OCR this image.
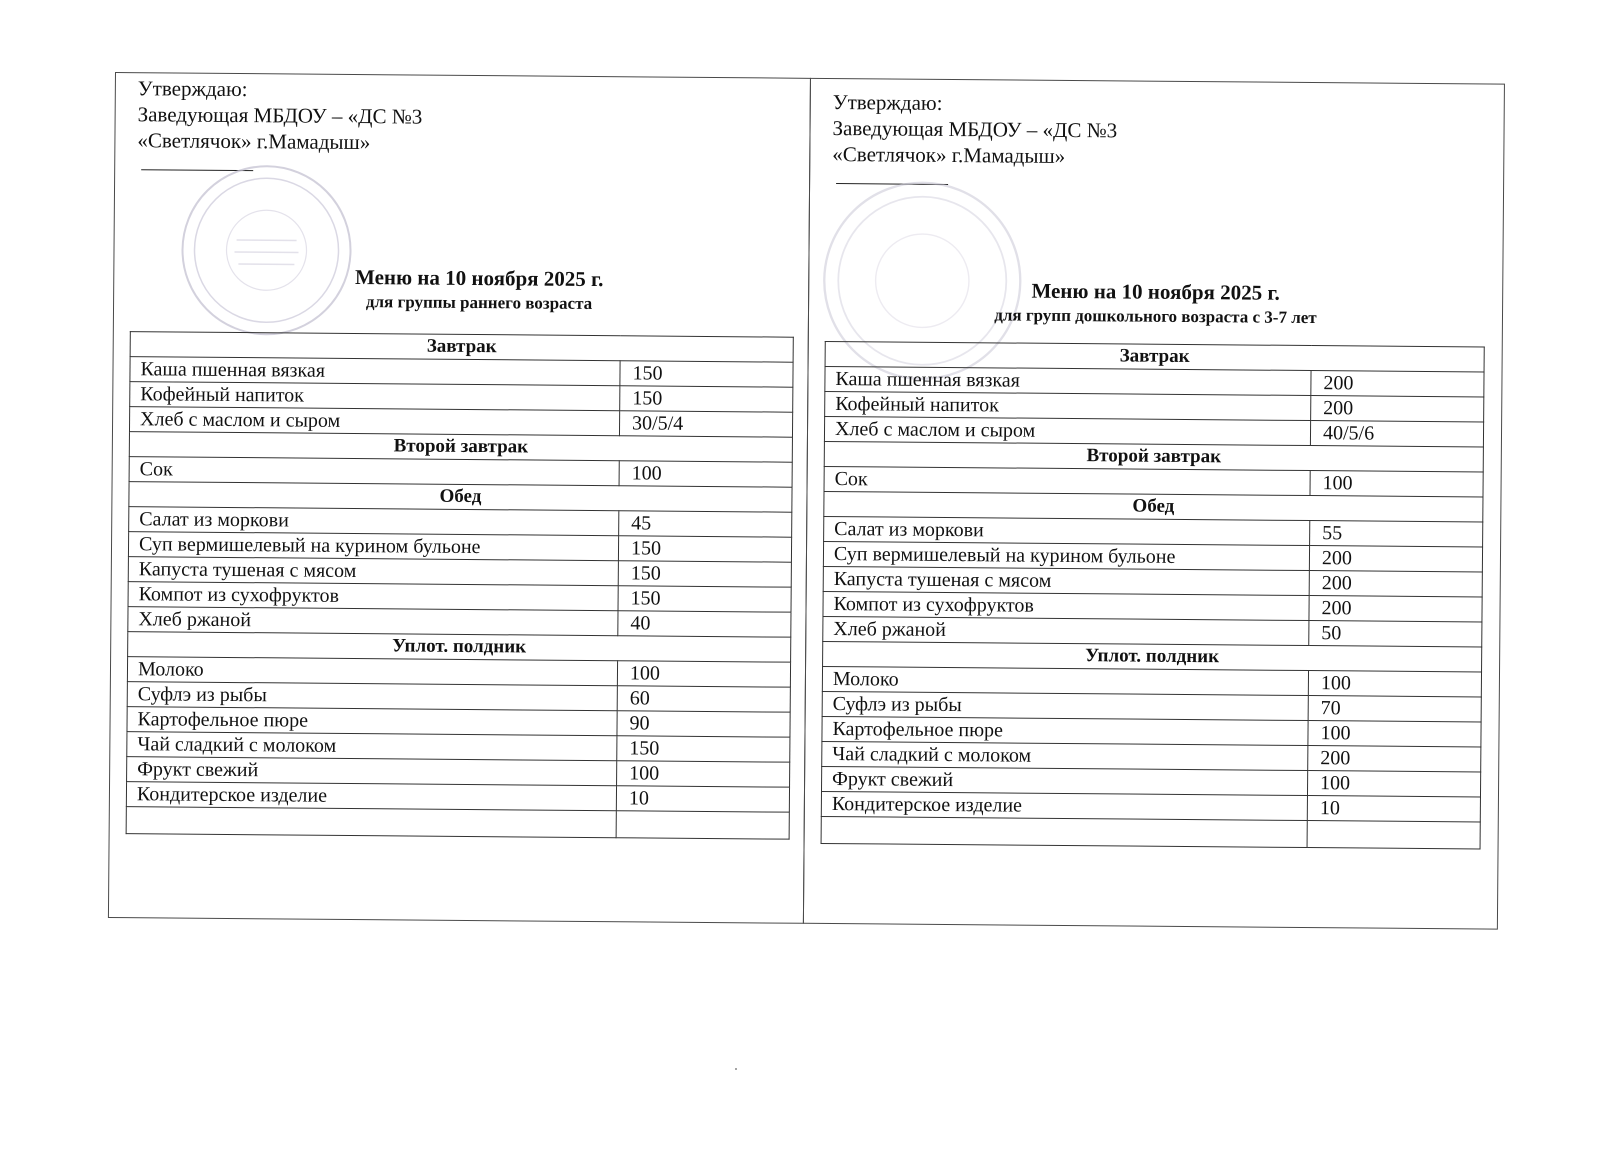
Утверждаю:
Заведующая МБДОУ – «ДС №3
«Светлячок» г.Мамадыш»
Меню на 10 ноября 2025 г.
для группы раннего возраста
Завтрак	
Каша пшенная вязкая	150
Кофейный напиток	150
Хлеб с маслом и сыром	30/5/4
Второй завтрак	
Сок	100
Обед	
Салат из моркови	45
Суп вермишелевый на курином бульоне	150
Капуста тушеная с мясом	150
Компот из сухофруктов	150
Хлеб ржаной	40
Уплот. полдник	
Молоко	100
Суфлэ из рыбы	60
Картофельное пюре	90
Чай сладкий с молоком	150
Фрукт свежий	100
Кондитерское изделие	10

Утверждаю:
Заведующая МБДОУ – «ДС №3
«Светлячок» г.Мамадыш»
Меню на 10 ноября 2025 г.
для групп дошкольного возраста с 3-7 лет
Завтрак	
Каша пшенная вязкая	200
Кофейный напиток	200
Хлеб с маслом и сыром	40/5/6
Второй завтрак	
Сок	100
Обед	
Салат из моркови	55
Суп вермишелевый на курином бульоне	200
Капуста тушеная с мясом	200
Компот из сухофруктов	200
Хлеб ржаной	50
Уплот. полдник	
Молоко	100
Суфлэ из рыбы	70
Картофельное пюре	100
Чай сладкий с молоком	200
Фрукт свежий	100
Кондитерское изделие	10
